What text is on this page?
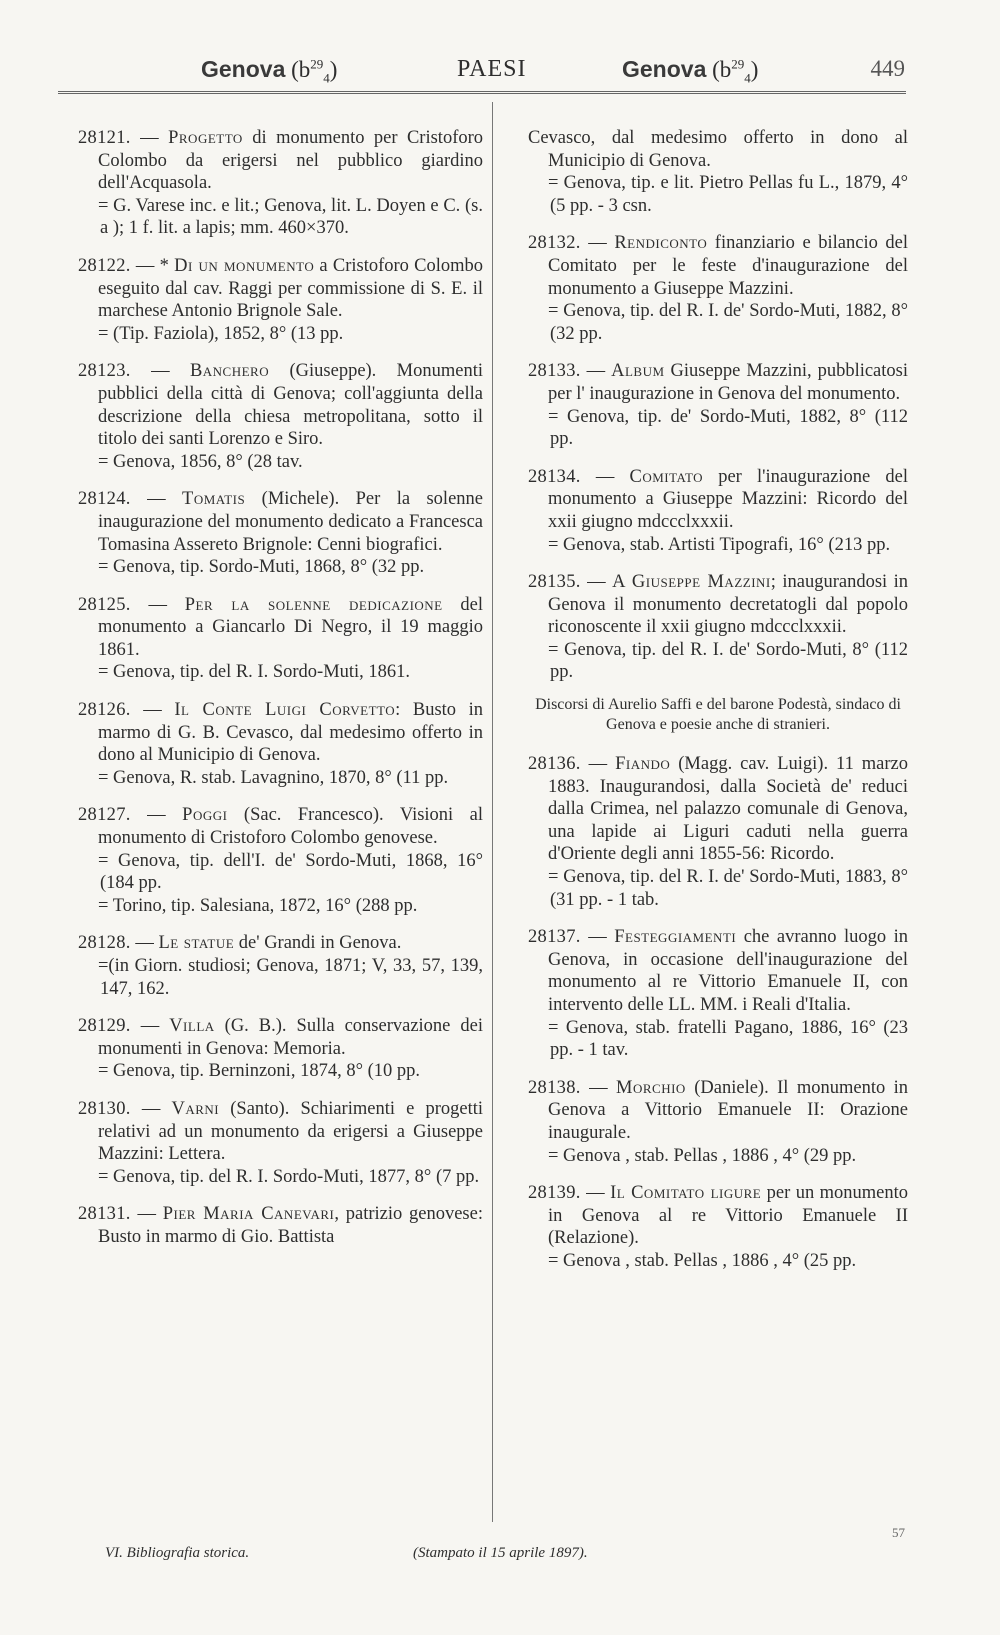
Genova $(b^{29}_4)$	PAESI	Genova $(b^{29}_4)$	449

28121. — Progetto di monumento per Cristoforo Colombo da erigersi nel pubblico giardino dell'Acquasola.

= G. Varese inc. e lit.; Genova, lit. L. Doyen e C. (s. a ); 1 f. lit. a lapis; mm. 460×370.

28122. — * Di un monumento a Cristoforo Colombo eseguito dal cav. Raggi per commissione di S. E. il marchese Antonio Brignole Sale.

= (Tip. Faziola), 1852, 8° (13 pp.

28123. — Banchero (Giuseppe). Monumenti pubblici della città di Genova; coll'aggiunta della descrizione della chiesa metropolitana, sotto il titolo dei santi Lorenzo e Siro.

= Genova, 1856, 8° (28 tav.

28124. — Tomatis (Michele). Per la solenne inaugurazione del monumento dedicato a Francesca Tomasina Assereto Brignole: Cenni biografici.

= Genova, tip. Sordo-Muti, 1868, 8° (32 pp.

28125. — Per la solenne dedicazione del monumento a Giancarlo Di Negro, il 19 maggio 1861.

= Genova, tip. del R. I. Sordo-Muti, 1861.

28126. — Il Conte Luigi Corvetto: Busto in marmo di G. B. Cevasco, dal medesimo offerto in dono al Municipio di Genova.

= Genova, R. stab. Lavagnino, 1870, 8° (11 pp.

28127. — Poggi (Sac. Francesco). Visioni al monumento di Cristoforo Colombo genovese.

= Genova, tip. dell'I. de' Sordo-Muti, 1868, 16° (184 pp.

= Torino, tip. Salesiana, 1872, 16° (288 pp.

28128. — Le statue de' Grandi in Genova.

=(in Giorn. studiosi; Genova, 1871; V, 33, 57, 139, 147, 162.

28129. — Villa (G. B.). Sulla conservazione dei monumenti in Genova: Memoria.

= Genova, tip. Berninzoni, 1874, 8° (10 pp.

28130. — Varni (Santo). Schiarimenti e progetti relativi ad un monumento da erigersi a Giuseppe Mazzini: Lettera.

= Genova, tip. del R. I. Sordo-Muti, 1877, 8° (7 pp.

28131. — Pier Maria Canevari, patrizio genovese: Busto in marmo di Gio. Battista

Cevasco, dal medesimo offerto in dono al Municipio di Genova.

= Genova, tip. e lit. Pietro Pellas fu L., 1879, 4° (5 pp. - 3 csn.

28132. — Rendiconto finanziario e bilancio del Comitato per le feste d'inaugurazione del monumento a Giuseppe Mazzini.

= Genova, tip. del R. I. de' Sordo-Muti, 1882, 8° (32 pp.

28133. — Album Giuseppe Mazzini, pubblicatosi per l' inaugurazione in Genova del monumento.

= Genova, tip. de' Sordo-Muti, 1882, 8° (112 pp.

28134. — Comitato per l'inaugurazione del monumento a Giuseppe Mazzini: Ricordo del xxii giugno mdccclxxxii.

= Genova, stab. Artisti Tipografi, 16° (213 pp.

28135. — A Giuseppe Mazzini; inaugurandosi in Genova il monumento decretatogli dal popolo riconoscente il xxii giugno mdccclxxxii.

= Genova, tip. del R. I. de' Sordo-Muti, 8° (112 pp.

Discorsi di Aurelio Saffi e del barone Podestà, sindaco di Genova e poesie anche di stranieri.

28136. — Fiando (Magg. cav. Luigi). 11 marzo 1883. Inaugurandosi, dalla Società de' reduci dalla Crimea, nel palazzo comunale di Genova, una lapide ai Liguri caduti nella guerra d'Oriente degli anni 1855-56: Ricordo.

= Genova, tip. del R. I. de' Sordo-Muti, 1883, 8° (31 pp. - 1 tab.

28137. — Festeggiamenti che avranno luogo in Genova, in occasione dell'inaugurazione del monumento al re Vittorio Emanuele II, con intervento delle LL. MM. i Reali d'Italia.

= Genova, stab. fratelli Pagano, 1886, 16° (23 pp. - 1 tav.

28138. — Morchio (Daniele). Il monumento in Genova a Vittorio Emanuele II: Orazione inaugurale.

= Genova , stab. Pellas , 1886 , 4° (29 pp.

28139. — Il Comitato ligure per un monumento in Genova al re Vittorio Emanuele II (Relazione).

= Genova , stab. Pellas , 1886 , 4° (25 pp.

VI. Bibliografia storica.	(Stampato il 15 aprile 1897).
57
